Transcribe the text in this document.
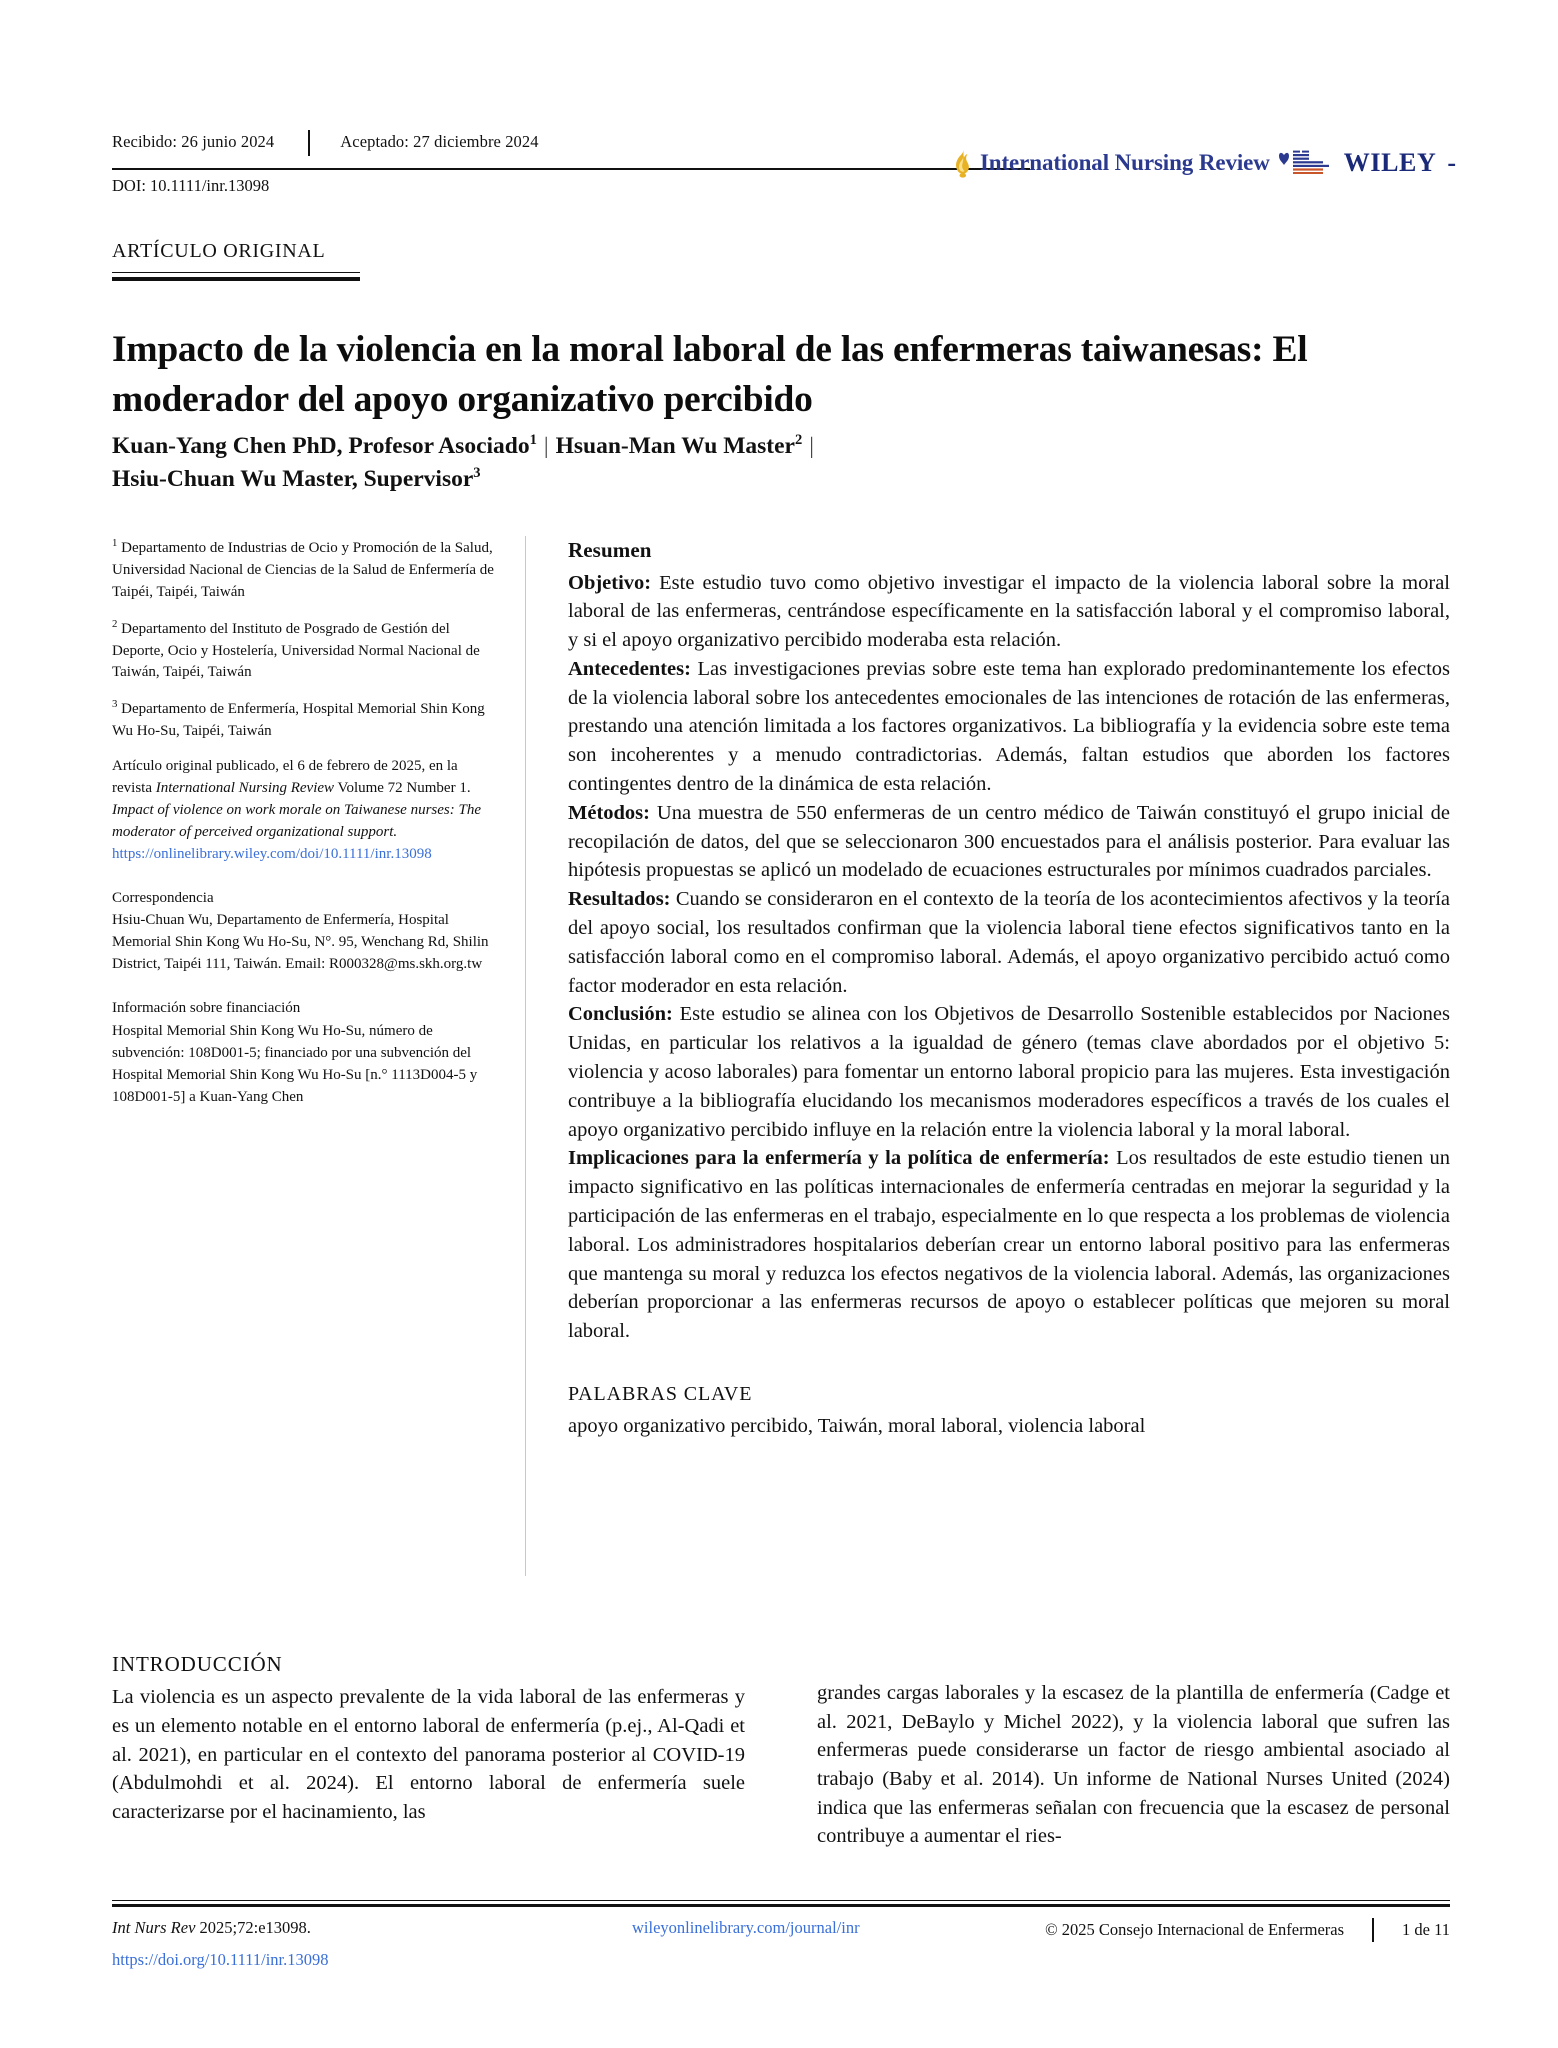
Recibido: 26 junio 2024	Aceptado: 27 diciembre 2024
DOI: 10.1111/inr.13098
International Nursing Review	WILEY -
ARTÍCULO ORIGINAL
Impacto de la violencia en la moral laboral de las enfermeras taiwanesas: El moderador del apoyo organizativo percibido
Kuan-Yang Chen PhD, Profesor Asociado$^1$ | Hsuan-Man Wu Master$^2$ |
Hsiu-Chuan Wu Master, Supervisor$^3$

$^1$ Departamento de Industrias de Ocio y Promoción de la Salud, Universidad Nacional de Ciencias de la Salud de Enfermería de Taipéi, Taipéi, Taiwán

$^2$ Departamento del Instituto de Posgrado de Gestión del Deporte, Ocio y Hostelería, Universidad Normal Nacional de Taiwán, Taipéi, Taiwán

$^3$ Departamento de Enfermería, Hospital Memorial Shin Kong Wu Ho-Su, Taipéi, Taiwán

Artículo original publicado, el 6 de febrero de 2025, en la revista International Nursing Review Volume 72 Number 1. Impact of violence on work morale on Taiwanese nurses: The moderator of perceived organizational support.
https://onlinelibrary.wiley.com/doi/10.1111/inr.13098

Correspondencia

Hsiu-Chuan Wu, Departamento de Enfermería, Hospital Memorial Shin Kong Wu Ho-Su, N°. 95, Wenchang Rd, Shilin District, Taipéi 111, Taiwán. Email: R000328@ms.skh.org.tw

Información sobre financiación

Hospital Memorial Shin Kong Wu Ho-Su, número de subvención: 108D001-5; financiado por una subvención del Hospital Memorial Shin Kong Wu Ho-Su [n.° 1113D004-5 y 108D001-5] a Kuan-Yang Chen

Resumen

Objetivo: Este estudio tuvo como objetivo investigar el impacto de la violencia laboral sobre la moral laboral de las enfermeras, centrándose específicamente en la satisfacción laboral y el compromiso laboral, y si el apoyo organizativo percibido moderaba esta relación.

Antecedentes: Las investigaciones previas sobre este tema han explorado predominantemente los efectos de la violencia laboral sobre los antecedentes emocionales de las intenciones de rotación de las enfermeras, prestando una atención limitada a los factores organizativos. La bibliografía y la evidencia sobre este tema son incoherentes y a menudo contradictorias. Además, faltan estudios que aborden los factores contingentes dentro de la dinámica de esta relación.

Métodos: Una muestra de 550 enfermeras de un centro médico de Taiwán constituyó el grupo inicial de recopilación de datos, del que se seleccionaron 300 encuestados para el análisis posterior. Para evaluar las hipótesis propuestas se aplicó un modelado de ecuaciones estructurales por mínimos cuadrados parciales.

Resultados: Cuando se consideraron en el contexto de la teoría de los acontecimientos afectivos y la teoría del apoyo social, los resultados confirman que la violencia laboral tiene efectos significativos tanto en la satisfacción laboral como en el compromiso laboral. Además, el apoyo organizativo percibido actuó como factor moderador en esta relación.

Conclusión: Este estudio se alinea con los Objetivos de Desarrollo Sostenible establecidos por Naciones Unidas, en particular los relativos a la igualdad de género (temas clave abordados por el objetivo 5: violencia y acoso laborales) para fomentar un entorno laboral propicio para las mujeres. Esta investigación contribuye a la bibliografía elucidando los mecanismos moderadores específicos a través de los cuales el apoyo organizativo percibido influye en la relación entre la violencia laboral y la moral laboral.

Implicaciones para la enfermería y la política de enfermería: Los resultados de este estudio tienen un impacto significativo en las políticas internacionales de enfermería centradas en mejorar la seguridad y la participación de las enfermeras en el trabajo, especialmente en lo que respecta a los problemas de violencia laboral. Los administradores hospitalarios deberían crear un entorno laboral positivo para las enfermeras que mantenga su moral y reduzca los efectos negativos de la violencia laboral. Además, las organizaciones deberían proporcionar a las enfermeras recursos de apoyo o establecer políticas que mejoren su moral laboral.

PALABRAS CLAVE
apoyo organizativo percibido, Taiwán, moral laboral, violencia laboral
INTRODUCCIÓN

La violencia es un aspecto prevalente de la vida laboral de las enfermeras y es un elemento notable en el entorno laboral de enfermería (p.ej., Al-Qadi et al. 2021), en particular en el contexto del panorama posterior al COVID-19 (Abdulmohdi et al. 2024). El entorno laboral de enfermería suele caracterizarse por el hacinamiento, las

grandes cargas laborales y la escasez de la plantilla de enfermería (Cadge et al. 2021, DeBaylo y Michel 2022), y la violencia laboral que sufren las enfermeras puede considerarse un factor de riesgo ambiental asociado al trabajo (Baby et al. 2014). Un informe de National Nurses United (2024) indica que las enfermeras señalan con frecuencia que la escasez de personal contribuye a aumentar el ries-

Int Nurs Rev 2025;72:e13098.
https://doi.org/10.1111/inr.13098
wileyonlinelibrary.com/journal/inr	© 2025 Consejo Internacional de Enfermeras	1 de 11
